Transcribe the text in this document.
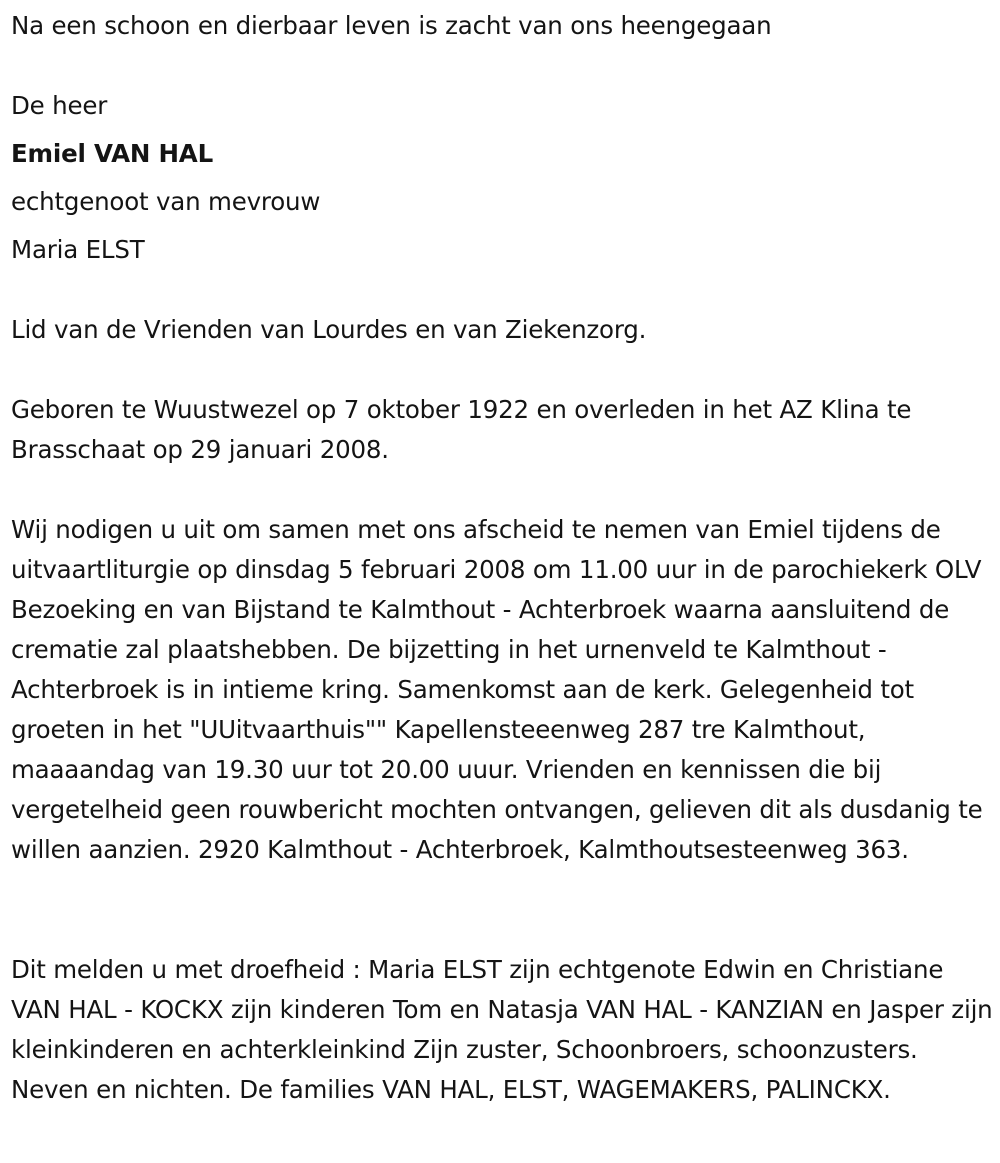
Na een schoon en dierbaar leven is zacht van ons heengegaan
De heer
Emiel VAN HAL
echtgenoot van mevrouw
Maria ELST
Lid van de Vrienden van Lourdes en van Ziekenzorg.
Geboren te Wuustwezel op 7 oktober 1922 en overleden in het AZ Klina te Brasschaat op 29 januari 2008.
Wij nodigen u uit om samen met ons afscheid te nemen van Emiel tijdens de uitvaartliturgie op dinsdag 5 februari 2008 om 11.00 uur in de parochiekerk OLV Bezoeking en van Bijstand te Kalmthout - Achterbroek waarna aansluitend de crematie zal plaatshebben. De bijzetting in het urnenveld te Kalmthout - Achterbroek is in intieme kring. Samenkomst aan de kerk. Gelegenheid tot groeten in het "UUitvaarthuis"" Kapellensteeenweg 287 tre Kalmthout, maaaandag van 19.30 uur tot 20.00 uuur. Vrienden en kennissen die bij vergetelheid geen rouwbericht mochten ontvangen, gelieven dit als dusdanig te willen aanzien. 2920 Kalmthout - Achterbroek, Kalmthoutsesteenweg 363.
Dit melden u met droefheid : Maria ELST zijn echtgenote Edwin en Christiane VAN HAL - KOCKX zijn kinderen Tom en Natasja VAN HAL - KANZIAN en Jasper zijn kleinkinderen en achterkleinkind Zijn zuster, Schoonbroers, schoonzusters. Neven en nichten. De families VAN HAL, ELST, WAGEMAKERS, PALINCKX.
